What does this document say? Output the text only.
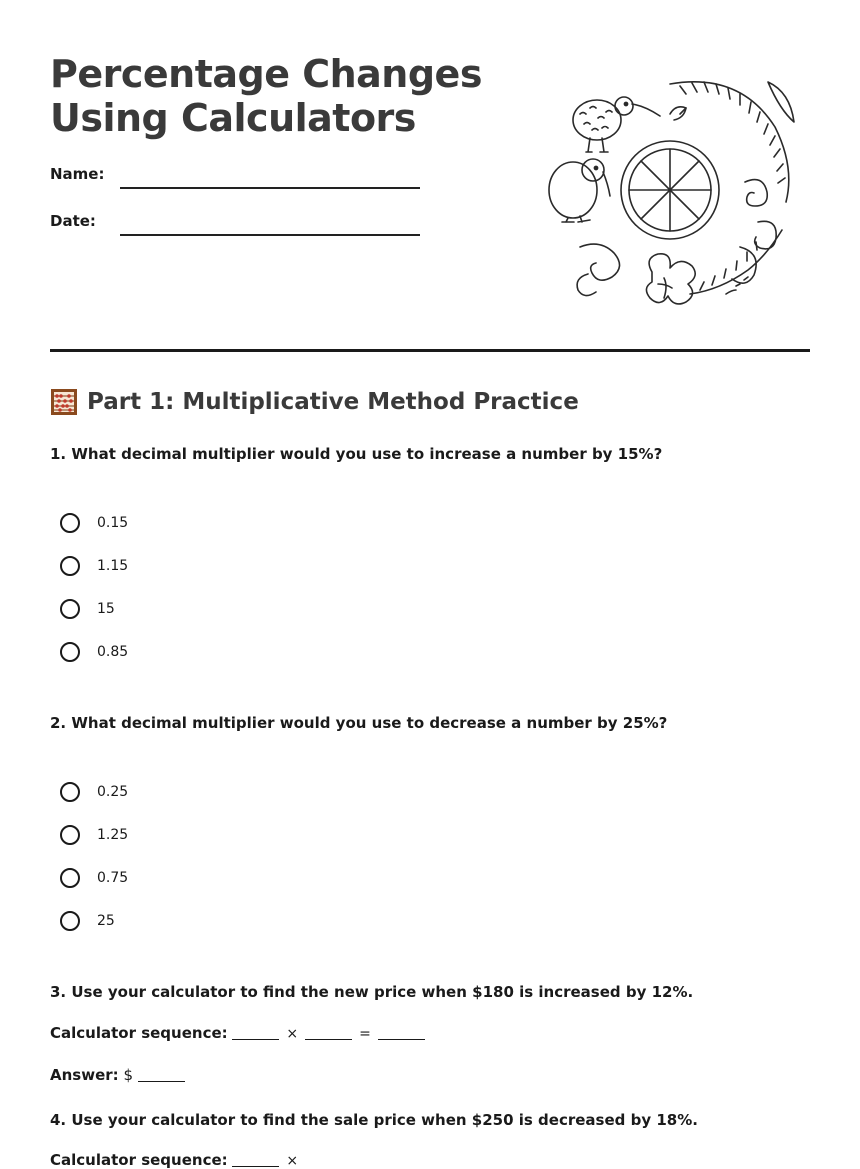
Percentage Changes
Using Calculators
Name:
Date:
Part 1: Multiplicative Method Practice

1. What decimal multiplier would you use to increase a number by 15%?

0.15
1.15
15
0.85

2. What decimal multiplier would you use to decrease a number by 25%?

0.25
1.25
0.75
25

3. Use your calculator to find the new price when $180 is increased by 12%.

Calculator sequence:	×	=
Answer: $

4. Use your calculator to find the sale price when $250 is decreased by 18%.

Calculator sequence:	×
